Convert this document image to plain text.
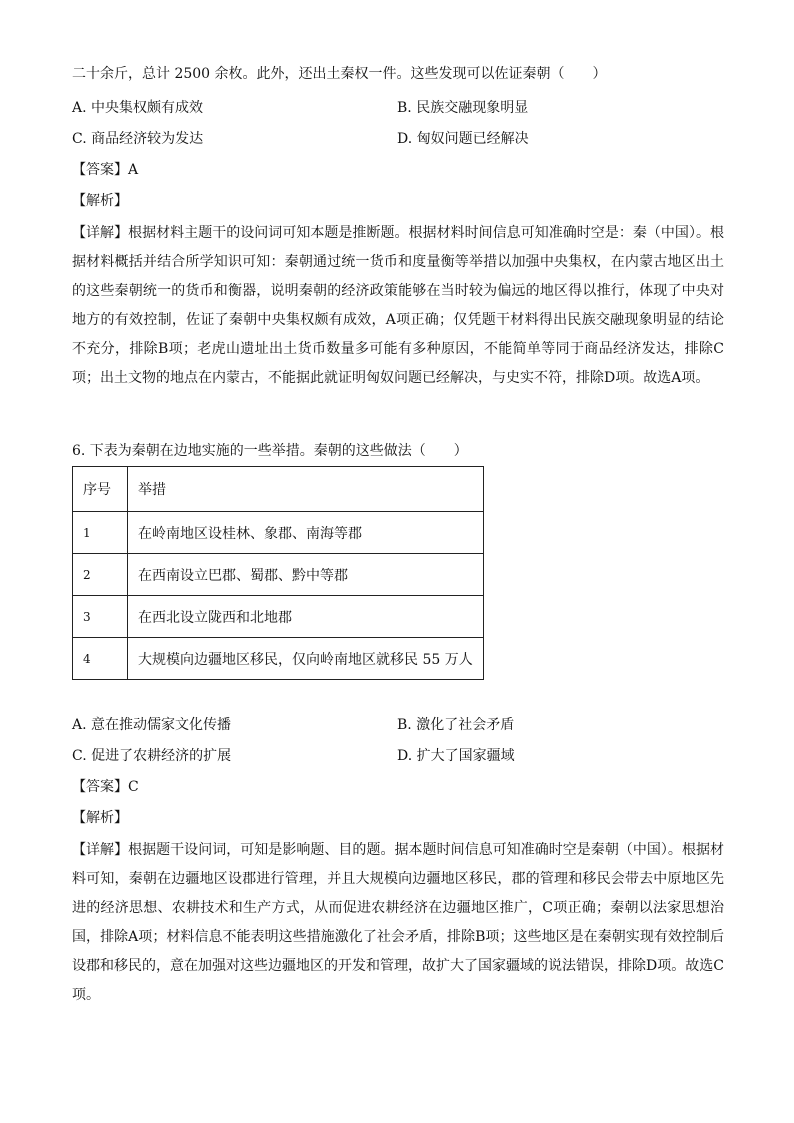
二十余斤，总计 2500 余枚。此外，还出土秦权一件。这些发现可以佐证秦朝（　　）
A. 中央集权颇有成效	B. 民族交融现象明显
C. 商品经济较为发达	D. 匈奴问题已经解决
【答案】A
【解析】
【详解】根据材料主题干的设问词可知本题是推断题。根据材料时间信息可知准确时空是：秦（中国）。根据材料概括并结合所学知识可知：秦朝通过统一货币和度量衡等举措以加强中央集权，在内蒙古地区出土的这些秦朝统一的货币和衡器，说明秦朝的经济政策能够在当时较为偏远的地区得以推行，体现了中央对地方的有效控制，佐证了秦朝中央集权颇有成效，A项正确；仅凭题干材料得出民族交融现象明显的结论不充分，排除B项；老虎山遗址出土货币数量多可能有多种原因，不能简单等同于商品经济发达，排除C项；出土文物的地点在内蒙古，不能据此就证明匈奴问题已经解决，与史实不符，排除D项。故选A项。
6. 下表为秦朝在边地实施的一些举措。秦朝的这些做法（　　）
序号	举措
1	在岭南地区设桂林、象郡、南海等郡
2	在西南设立巴郡、蜀郡、黔中等郡
3	在西北设立陇西和北地郡
4	大规模向边疆地区移民，仅向岭南地区就移民 55 万人
A. 意在推动儒家文化传播	B. 激化了社会矛盾
C. 促进了农耕经济的扩展	D. 扩大了国家疆域
【答案】C
【解析】
【详解】根据题干设问词，可知是影响题、目的题。据本题时间信息可知准确时空是秦朝（中国）。根据材料可知，秦朝在边疆地区设郡进行管理，并且大规模向边疆地区移民，郡的管理和移民会带去中原地区先进的经济思想、农耕技术和生产方式，从而促进农耕经济在边疆地区推广，C项正确；秦朝以法家思想治国，排除A项；材料信息不能表明这些措施激化了社会矛盾，排除B项；这些地区是在秦朝实现有效控制后设郡和移民的，意在加强对这些边疆地区的开发和管理，故扩大了国家疆域的说法错误，排除D项。故选C项。
